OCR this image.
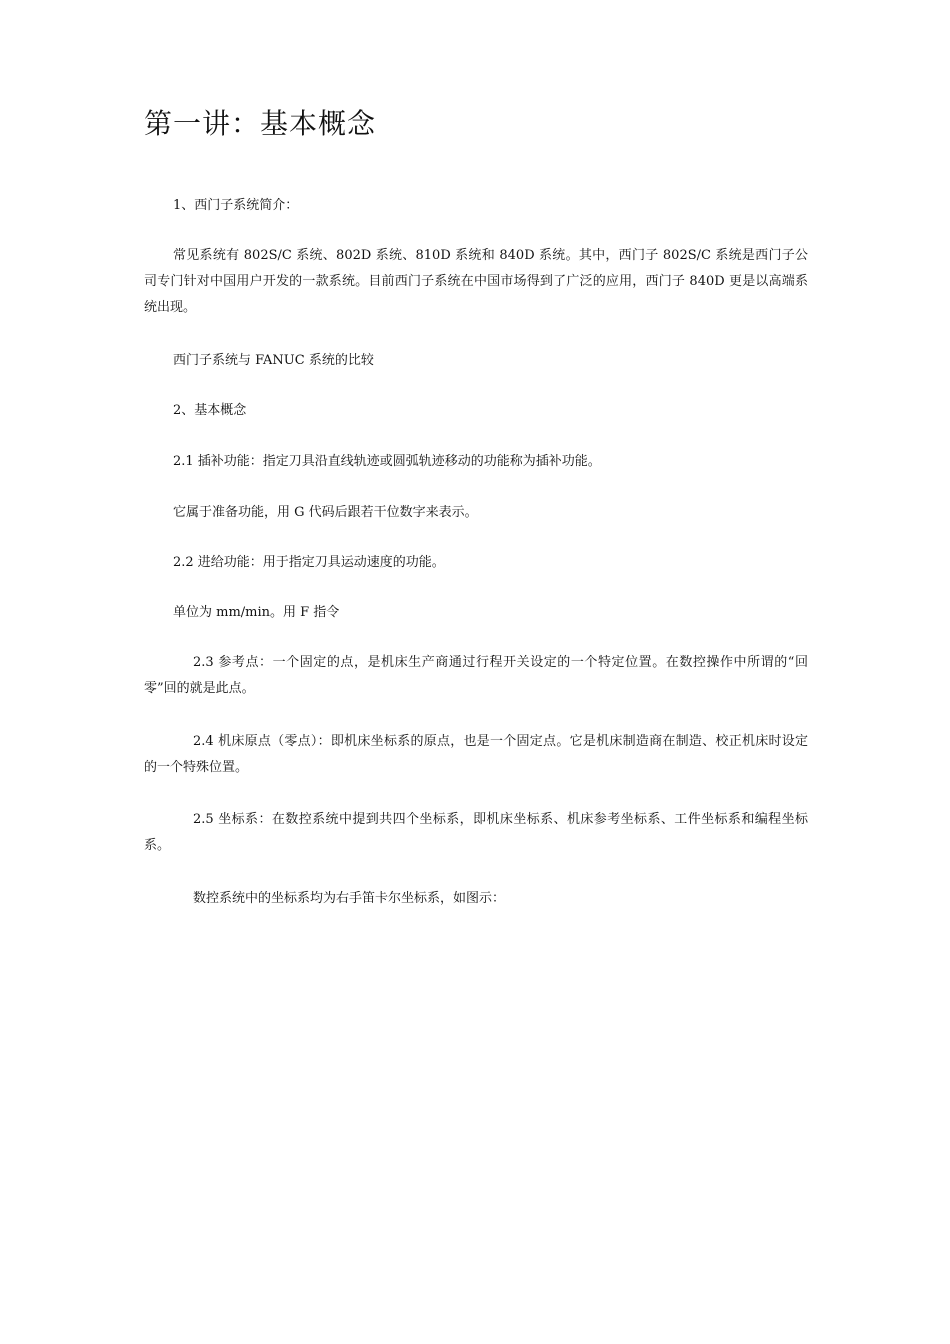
第一讲：基本概念

1、西门子系统简介：

常见系统有 802S/C 系统、802D 系统、810D 系统和 840D 系统。其中，西门子 802S/C 系统是西门子公司专门针对中国用户开发的一款系统。目前西门子系统在中国市场得到了广泛的应用，西门子 840D 更是以高端系统出现。

西门子系统与 FANUC 系统的比较

2、基本概念

2.1 插补功能：指定刀具沿直线轨迹或圆弧轨迹移动的功能称为插补功能。

它属于准备功能，用 G 代码后跟若干位数字来表示。

2.2 进给功能：用于指定刀具运动速度的功能。

单位为 mm/min。用 F 指令

2.3 参考点：一个固定的点，是机床生产商通过行程开关设定的一个特定位置。在数控操作中所谓的“回零”回的就是此点。

2.4 机床原点（零点）：即机床坐标系的原点，也是一个固定点。它是机床制造商在制造、校正机床时设定的一个特殊位置。

2.5 坐标系：在数控系统中提到共四个坐标系，即机床坐标系、机床参考坐标系、工件坐标系和编程坐标系。

数控系统中的坐标系均为右手笛卡尔坐标系，如图示：
